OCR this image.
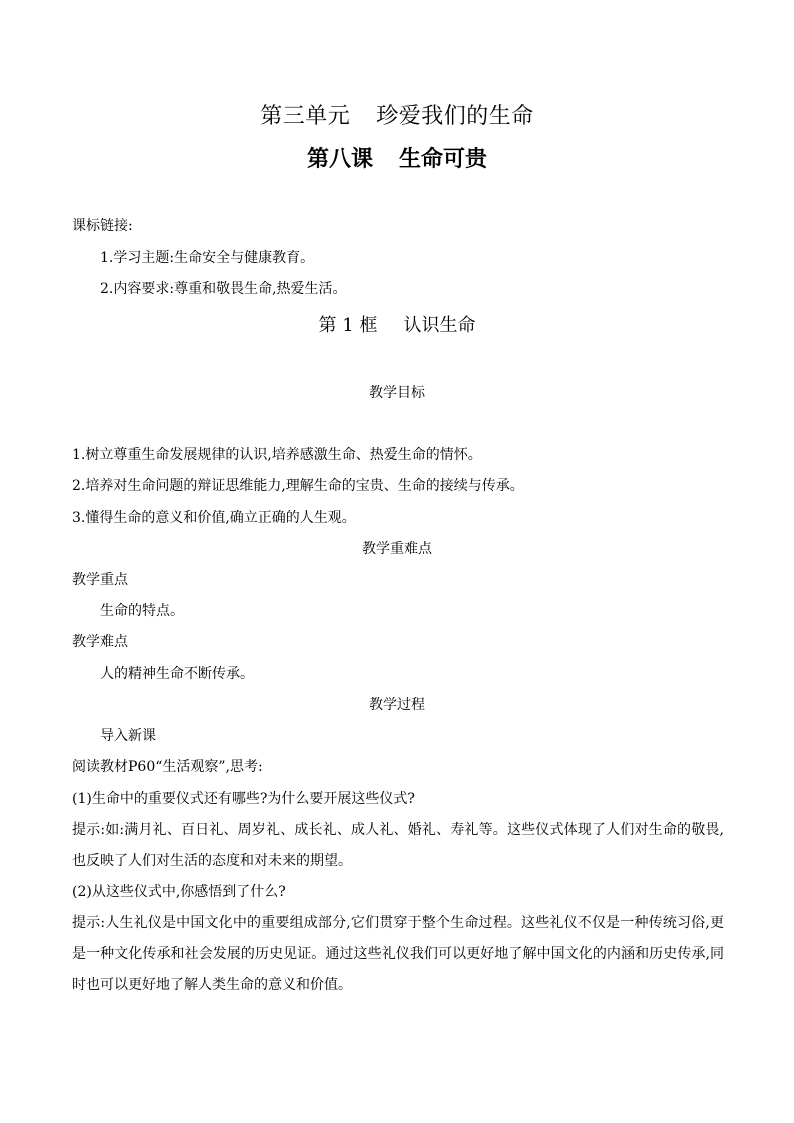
第三单元 珍爱我们的生命
第八课 生命可贵
课标链接:
1.学习主题:生命安全与健康教育。
2.内容要求:尊重和敬畏生命,热爱生活。
第 1 框 认识生命
教学目标
1.树立尊重生命发展规律的认识,培养感激生命、热爱生命的情怀。
2.培养对生命问题的辩证思维能力,理解生命的宝贵、生命的接续与传承。
3.懂得生命的意义和价值,确立正确的人生观。
教学重难点
教学重点
生命的特点。
教学难点
人的精神生命不断传承。
教学过程
导入新课
阅读教材P60“生活观察”,思考:
(1)生命中的重要仪式还有哪些?为什么要开展这些仪式?
提示:如:满月礼、百日礼、周岁礼、成长礼、成人礼、婚礼、寿礼等。这些仪式体现了人们对生命的敬畏,也反映了人们对生活的态度和对未来的期望。
(2)从这些仪式中,你感悟到了什么?
提示:人生礼仪是中国文化中的重要组成部分,它们贯穿于整个生命过程。这些礼仪不仅是一种传统习俗,更是一种文化传承和社会发展的历史见证。通过这些礼仪我们可以更好地了解中国文化的内涵和历史传承,同时也可以更好地了解人类生命的意义和价值。
